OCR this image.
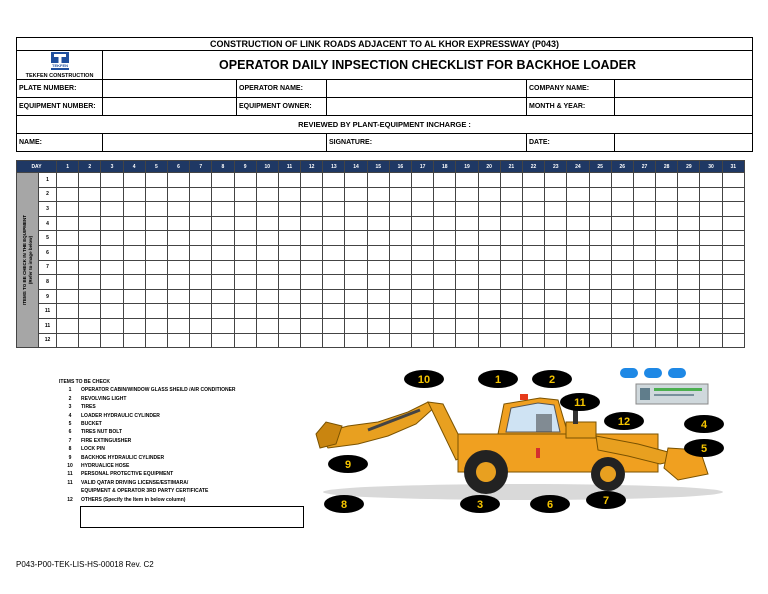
CONSTRUCTION OF LINK ROADS ADJACENT TO AL KHOR EXPRESSWAY (P043)					

TEKFEN
TEKFEN CONSTRUCTION	OPERATOR DAILY INPSECTION CHECKLIST FOR BACKHOE LOADER				
PLATE NUMBER:		OPERATOR NAME:		COMPANY NAME:	
EQUIPMENT NUMBER:		EQUIPMENT OWNER:		MONTH & YEAR:	
REVIEWED BY PLANT-EQUIPMENT INCHARGE :					
NAME:			SIGNATURE:	DATE:	
DAY		1	2	3	4	5	6	7	8	9	10	11	12	13	14	15	16	17	18	19	20	21	22	23	24	25	26	27	28	29	30	31

ITEMS TO BE CHECK IN THE EQUIPMENT (Refer to image below)	1																															
	2																															
	3																															
	4																															
	5																															
	6																															
	7																															
	8																															
	9																															
	11																															
	11																															
	12																															
ITEMS TO BE CHECK
1	OPERATOR CABIN/WINDOW GLASS SHEILD /AIR CONDITIONER
2	REVOLVING LIGHT
3	TIRES
4	LOADER HYDRAULIC CYLINDER
5	BUCKET
6	TIRES NUT BOLT
7	FIRE EXTINGUISHER
8	LOCK PIN
9	BACKHOE HYDRAULIC CYLINDER
10	HYDRUALICE HOSE
11	PERSONAL PROTECTIVE EQUIPMENT
11	VALID QATAR DRIVING LICENSE/ESTIMARA/
EQUIPMENT & OPERATOR 3RD PARTY CERTIFICATE
12	OTHERS (Specify the Item in below column)
10	1	2
11
12	4
9
5
8	3	6	7
P043-P00-TEK-LIS-HS-00018 Rev. C2
